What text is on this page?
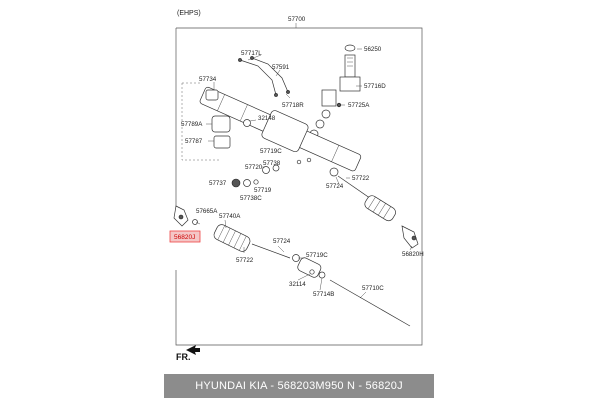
(EHPS)
57700
56820J
56250
57717L
57591
57716D
57734
57718R	57725A
57789A
32148
57787
57720
57719C
57738
57737
57719
57738C
57722
57724
57665A
57740A
57724
57719C
57722
32114
57714B
57710C
56820H
FR.
HYUNDAI KIA - 568203M950 N - 56820J
